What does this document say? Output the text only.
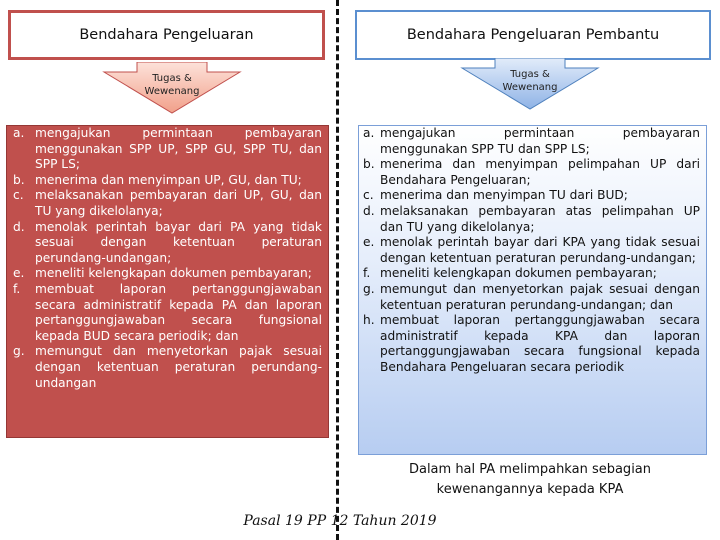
Bendahara Pengeluaran	Bendahara Pengeluaran Pembantu
Tugas &
Wewenang
Tugas &
Wewenang
a. mengajukan permintaan pembayaran menggunakan SPP UP, SPP GU, SPP TU, dan SPP LS;
b. menerima dan menyimpan UP, GU, dan TU;
c. melaksanakan pembayaran dari UP, GU, dan TU yang dikelolanya;
d. menolak perintah bayar dari PA yang tidak sesuai dengan ketentuan peraturan perundang-undangan;
e. meneliti kelengkapan dokumen pembayaran;
f.	membuat laporan pertanggungjawaban secara administratif kepada PA dan laporan pertanggungjawaban secara fungsional kepada BUD secara periodik; dan
g. memungut dan menyetorkan pajak sesuai dengan ketentuan peraturan perundang-undangan
a. mengajukan permintaan pembayaran menggunakan SPP TU dan SPP LS;
b. menerima dan menyimpan pelimpahan UP dari Bendahara Pengeluaran;
c. menerima dan menyimpan TU dari BUD;
d. melaksanakan pembayaran atas pelimpahan UP dan TU yang dikelolanya;
e. menolak perintah bayar dari KPA yang tidak sesuai dengan ketentuan peraturan perundang-undangan;
f. meneliti kelengkapan dokumen pembayaran;
g. memungut dan menyetorkan pajak sesuai dengan ketentuan peraturan perundang-undangan; dan
h. membuat laporan pertanggungjawaban secara administratif kepada KPA dan laporan pertanggungjawaban secara fungsional kepada Bendahara Pengeluaran secara periodik
Dalam hal PA melimpahkan sebagian
kewenangannya kepada KPA
Pasal 19 PP 12 Tahun 2019
